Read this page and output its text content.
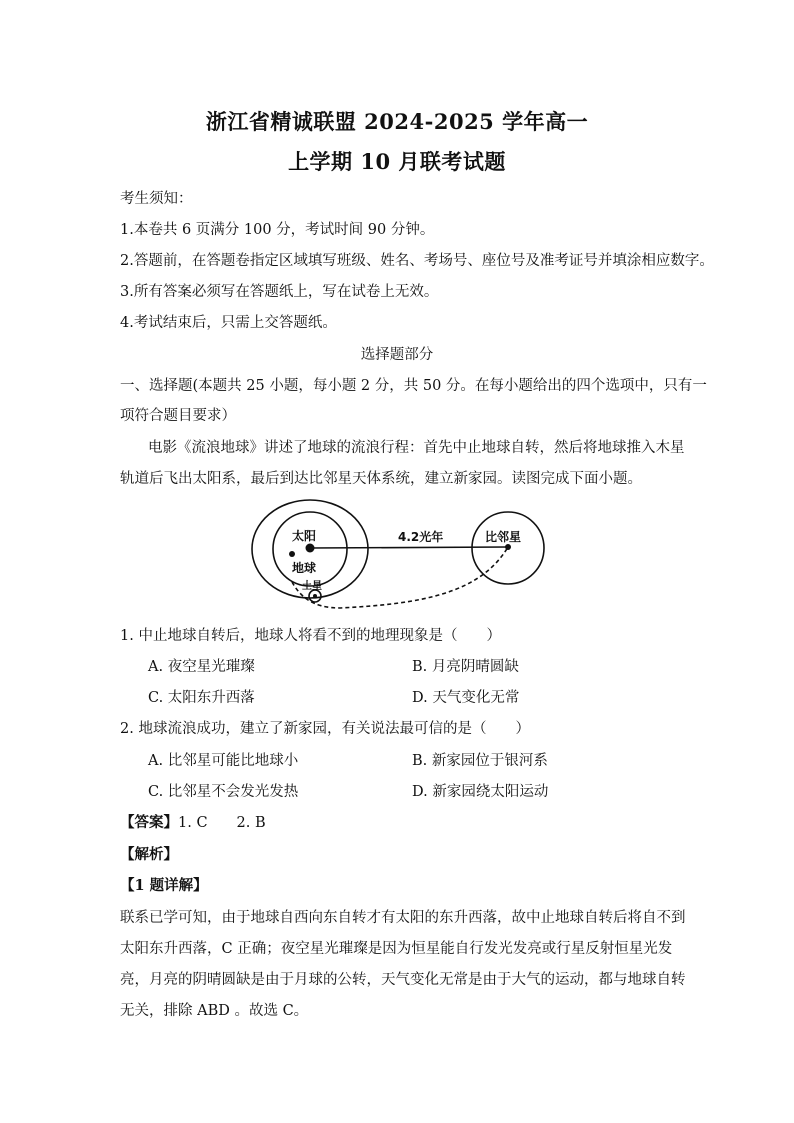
浙江省精诚联盟 2024-2025 学年高一
上学期 10 月联考试题
考生须知：
1.本卷共 6 页满分 100 分，考试时间 90 分钟。
2.答题前，在答题卷指定区域填写班级、姓名、考场号、座位号及准考证号并填涂相应数字。
3.所有答案必须写在答题纸上，写在试卷上无效。
4.考试结束后，只需上交答题纸。
选择题部分
一、选择题(本题共 25 小题，每小题 2 分，共 50 分。在每小题给出的四个选项中，只有一
项符合题目要求）
电影《流浪地球》讲述了地球的流浪行程：首先中止地球自转，然后将地球推入木星
轨道后飞出太阳系，最后到达比邻星天体系统，建立新家园。读图完成下面小题。
太阳	4.2光年	比邻星
地球
土星
1. 中止地球自转后，地球人将看不到的地理现象是（　　）
A. 夜空星光璀璨	B. 月亮阴晴圆缺
C. 太阳东升西落	D. 天气变化无常
2. 地球流浪成功，建立了新家园，有关说法最可信的是（　　）
A. 比邻星可能比地球小	B. 新家园位于银河系
C. 比邻星不会发光发热	D. 新家园绕太阳运动
【答案】1. C　　2. B
【解析】
【1 题详解】
联系已学可知，由于地球自西向东自转才有太阳的东升西落，故中止地球自转后将自不到
太阳东升西落，C 正确；夜空星光璀璨是因为恒星能自行发光发亮或行星反射恒星光发
亮，月亮的阴晴圆缺是由于月球的公转，天气变化无常是由于大气的运动，都与地球自转
无关，排除 ABD 。故选 C。
